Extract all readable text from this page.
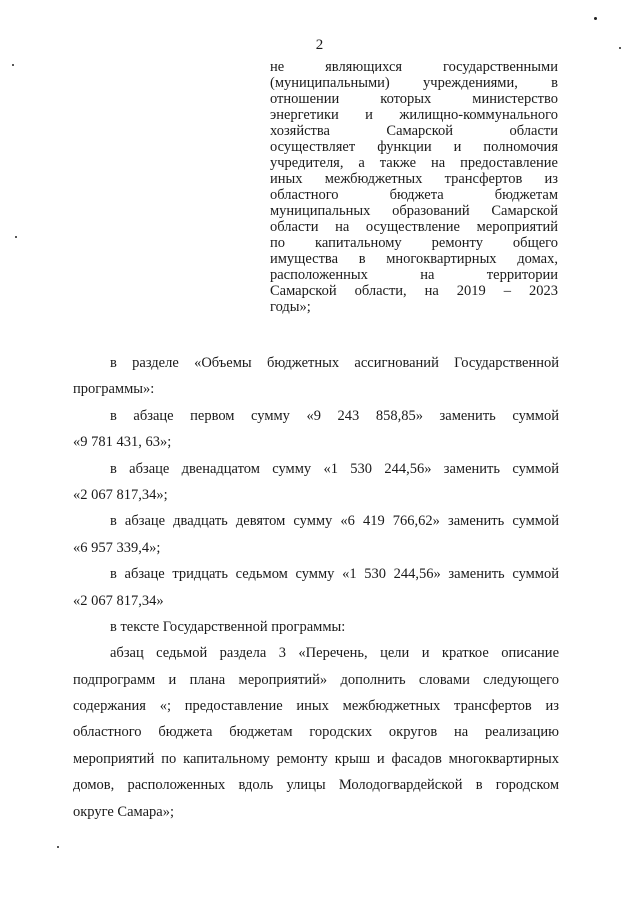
2
не являющихся государственными
(муниципальными) учреждениями, в
отношении которых министерство
энергетики и жилищно-коммунального
хозяйства Самарской области
осуществляет функции и полномочия
учредителя, а также на предоставление
иных межбюджетных трансфертов из
областного бюджета бюджетам
муниципальных образований Самарской
области на осуществление мероприятий
по капитальному ремонту общего
имущества в многоквартирных домах,
расположенных на территории
Самарской области, на 2019 – 2023
годы»;
в разделе «Объемы бюджетных ассигнований Государственной
программы»:
в абзаце первом сумму «9 243 858,85» заменить суммой
«9 781 431, 63»;
в абзаце двенадцатом сумму «1 530 244,56» заменить суммой
«2 067 817,34»;
в абзаце двадцать девятом сумму «6 419 766,62» заменить суммой
«6 957 339,4»;
в абзаце тридцать седьмом сумму «1 530 244,56» заменить суммой
«2 067 817,34»
в тексте Государственной программы:
абзац седьмой раздела 3 «Перечень, цели и краткое описание
подпрограмм и плана мероприятий» дополнить словами следующего
содержания «; предоставление иных межбюджетных трансфертов из
областного бюджета бюджетам городских округов на реализацию
мероприятий по капитальному ремонту крыш и фасадов многоквартирных
домов, расположенных вдоль улицы Молодогвардейской в городском
округе Самара»;
